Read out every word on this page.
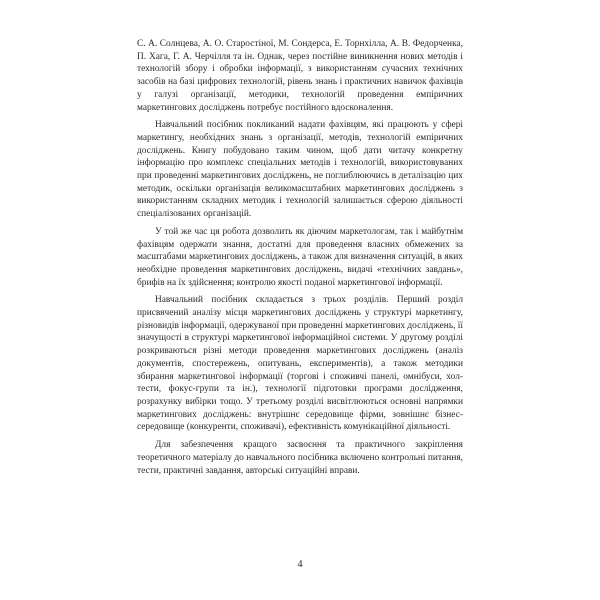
С. А. Солнцева, А. О. Старостіної, М. Сондерса, Е. Торнхілла, А. В. Федорченка, П. Хага, Г. А. Черчілля та ін. Однак, через постійне виникнення нових методів і технологій збору і обробки інформації, з використанням сучасних технічних засобів на базі цифрових технологій, рівень знань і практичних навичок фахівців у галузі організації, методики, технологій проведення емпіричних маркетингових досліджень потребує постійного вдосконалення.

Навчальний посібник покликаний надати фахівцям, які працюють у сфері маркетингу, необхідних знань з організації, методів, технологій емпіричних досліджень. Книгу побудовано таким чином, щоб дати читачу конкретну інформацію про комплекс спеціальних методів і технологій, використовуваних при проведенні маркетингових досліджень, не поглиблюючись в деталізацію цих методик, оскільки організація великомасштабних маркетингових досліджень з використанням складних методик і технологій залишається сферою діяльності спеціалізованих організацій.

У той же час ця робота дозволить як діючим маркетологам, так і майбутнім фахівцям одержати знання, достатні для проведення власних обмежених за масштабами маркетингових досліджень, а також для визначення ситуацій, в яких необхідне проведення маркетингових досліджень, видачі «технічних завдань», брифів на їх здійснення; контролю якості поданої маркетингової інформації.

Навчальний посібник складається з трьох розділів. Перший розділ присвячений аналізу місця маркетингових досліджень у структурі маркетингу, різновидів інформації, одержуваної при проведенні маркетингових досліджень, її значущості в структурі маркетингової інформаційної системи. У другому розділі розкриваються різні методи проведення маркетингових досліджень (аналіз документів, спостережень, опитувань, експериментів), а також методики збирання маркетингової інформації (торгові і споживчі панелі, омнібуси, хол-тести, фокус-групи та ін.), технології підготовки програми дослідження, розрахунку вибірки тощо. У третьому розділі висвітлюються основні напрямки маркетингових досліджень: внутрішнє середовище фірми, зовнішнє бізнес-середовище (конкуренти, споживачі), ефективність комунікаційної діяльності.

Для забезпечення кращого засвоєння та практичного закріплення теоретичного матеріалу до навчального посібника включено контрольні питання, тести, практичні завдання, авторські ситуаційні вправи.

4
